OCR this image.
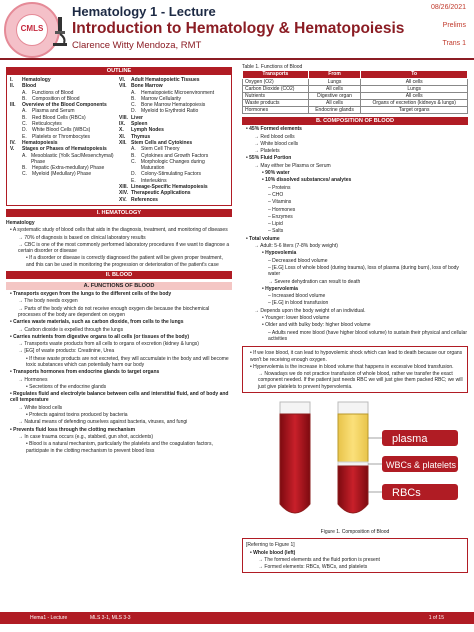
CMLS
Hematology 1 - Lecture
Introduction to Hematology & Hematopoiesis
Clarence Witty Mendoza, RMT
08/26/2021
Prelims
Trans 1
OUTLINE
I.	Hematology
II.	Blood
A.	Functions of Blood
B.	Composition of Blood
III.	Overview of the Blood Components
A.	Plasma and Serum
B.	Red Blood Cells (RBCs)
C.	Reticulocytes
D.	White Blood Cells (WBCs)
E.	Platelets or Thrombocytes
IV.	Hematopoiesis
V.	Stages or Phases of Hematopoiesis
A. Mesoblastic (Yolk Sac/Mesenchymal) Phase
B.	Hepatic (Extra-medullary) Phase
C.	Myeloid (Medullary) Phase
VI.	Adult Hematopoietic Tissues
VII. Bone Marrow
A.	Hematopoietic Microenvironment
B.	Marrow Cellularity
C.	Bone Marrow Hematopoiesis
D.	Myeloid to Erythroid Ratio
VIII. Liver
IX.	Spleen
X.	Lymph Nodes
XI.	Thymus
XII. Stem Cells and Cytokines
A.	Stem Cell Theory
B.	Cytokines and Growth Factors
C. Morphologic Changes during Maturation
D.	Colony-Stimulating Factors
E.	Interleukins
XIII. Lineage-Specific Hematopoiesis
XIV. Therapeutic Applications
XV. References
I. HEMATOLOGY
Hematology
• A systematic study of blood cells that aids in the diagnosis, treatment, and monitoring of diseases
→ 70% of diagnosis is based on clinical laboratory results
→ CBC is one of the most commonly performed laboratory procedures if we want to diagnose a certain disorder or disease
• If a disorder or disease is correctly diagnosed the patient will be given proper treatment, and this can be used in monitoring the progression or deterioration of the patient's case
II. BLOOD
A. FUNCTIONS OF BLOOD
• Transports oxygen from the lungs to the different cells of the body
→ The body needs oxygen
→ Parts of the body which do not receive enough oxygen die because the biochemical processes of the body are dependent on oxygen
• Carries waste materials, such as carbon dioxide, from cells to the lungs
→ Carbon dioxide is expelled through the lungs
• Carries nutrients from digestive organs to all cells (or tissues of the body)
→ Transports waste products from all cells to organs of excretion (kidney & lungs)
→ [EG] of waste products: Creatinine, Urea
• If these waste products are not excreted, they will accumulate in the body and will become toxic substances which can potentially harm our body
• Transports hormones from endocrine glands to target organs
→ Hormones
• Secretions of the endocrine glands
• Regulates fluid and electrolyte balance between cells and interstitial fluid, and of body and cell temperature
→ White blood cells
• Protects against toxins produced by bacteria
→ Natural means of defending ourselves against bacteria, viruses, and fungi
• Prevents fluid loss through the clotting mechanism
→ In case trauma occurs (e.g., stabbed, gun shot, accidents)
• Blood is a natural mechanism, particularly the platelets and the coagulation factors, participate in the clotting mechanism to prevent blood loss
Table 1. Functions of Blood
Transports	From	To
Oxygen (O2)	Lungs	All cells
Carbon Dioxide (CO2)	All cells	Lungs
Nutrients	Digestive organ	All cells
Waste products	All cells	Organs of excretion (kidneys & lungs)
Hormones	Endocrine glands	Target organs
B. COMPOSITION OF BLOOD
• 45% Formed elements
→ Red blood cells
→ White blood cells
→ Platelets
• 55% Fluid Portion
→ May either be Plasma or Serum
• 90% water
• 10% dissolved substances/ analytes
– Proteins
– CHO
– Vitamins
– Hormones
– Enzymes
– Lipid
– Salts
• Total volume
→ Adult: 5-6 liters (7-8% body weight)
• Hypovolemia
– Decreased blood volume
– [E.G] Loss of whole blood (during trauma), loss of plasma (during burn), loss of body water
→ Severe dehydration can result to death
• Hypervolemia
– Increased blood volume
– [E.G] in blood transfusion
→ Depends upon the body weight of an individual.
• Younger: lower blood volume
• Older and with bulky body: higher blood volume
– Adults need more blood (have higher blood volume) to sustain their physical and cellular activities
• If we lose blood, it can lead to hypovolemic shock which can lead to death because our organs won't be receiving enough oxygen.
• Hypervolemia is the increase in blood volume that happens in excessive blood transfusion.
→ Nowadays we do not practice transfusion of whole blood, rather we transfer the exact component needed. If the patient just needs RBC we will just give them packed RBC; we will just give platelets to prevent hypervolemia.
plasma
WBCs & platelets
RBCs
Figure 1. Composition of Blood
[Referring to Figure 1]
• Whole blood (left)
→ The formed elements and the fluid portion is present
→ Formed elements: RBCs, WBCs, and platelets
Hema1 - Lecture	MLS 3-1, MLS 3-3	1 of 15
